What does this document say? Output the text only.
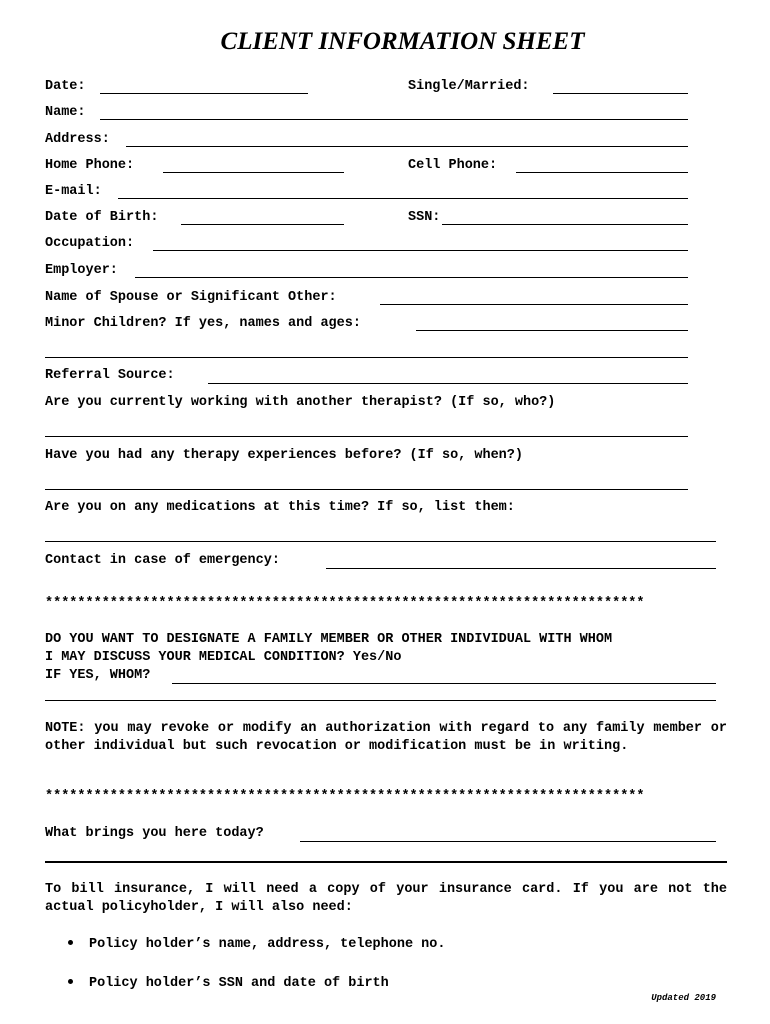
CLIENT INFORMATION SHEET
Date:	Single/Married:
Name:
Address:
Home Phone:	Cell Phone:
E-mail:
Date of Birth:	SSN:
Occupation:
Employer:
Name of Spouse or Significant Other:
Minor Children? If yes, names and ages:
Referral Source:
Are you currently working with another therapist? (If so, who?)
Have you had any therapy experiences before? (If so, when?)
Are you on any medications at this time? If so, list them:
Contact in case of emergency:
**************************************************************************
DO YOU WANT TO DESIGNATE A FAMILY MEMBER OR OTHER INDIVIDUAL WITH WHOM
I MAY DISCUSS YOUR MEDICAL CONDITION? Yes/No
IF YES, WHOM?
NOTE: you may revoke or modify an authorization with regard to any family member or other individual but such revocation or modification must be in writing.
**************************************************************************
What brings you here today?
To bill insurance, I will need a copy of your insurance card. If you are not the actual policyholder, I will also need:
Policy holder’s name, address, telephone no.
Policy holder’s SSN and date of birth
Updated 2019
